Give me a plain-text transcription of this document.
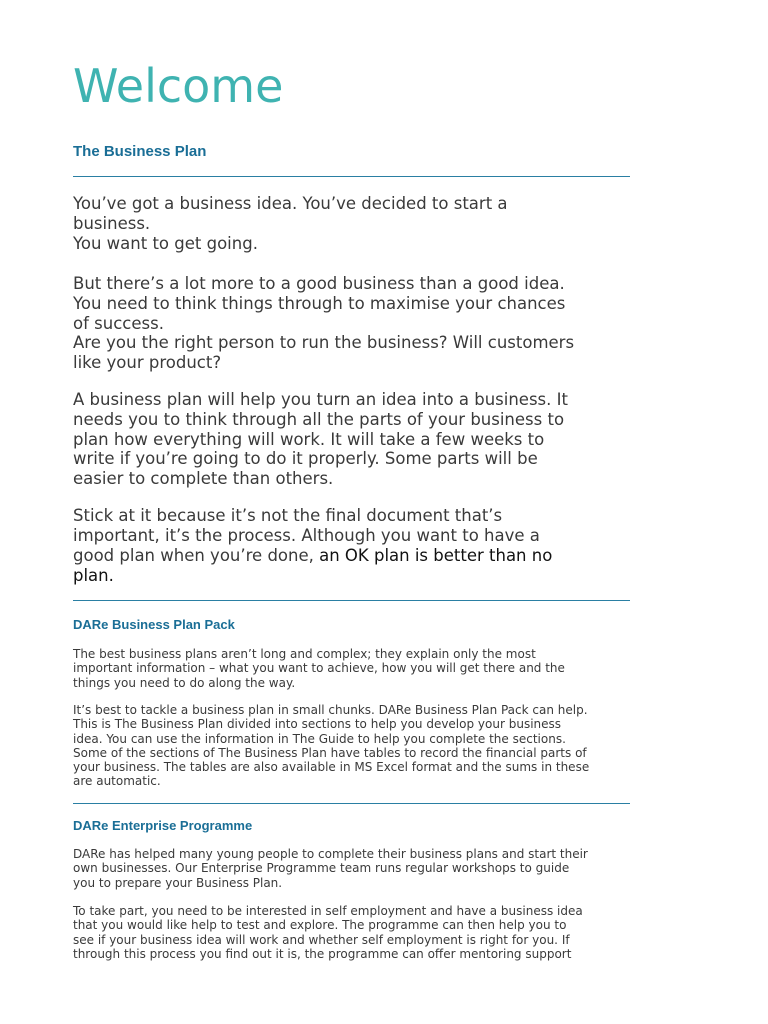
Welcome
The Business Plan

You’ve got a business idea. You’ve decided to start a
business.
You want to get going.

But there’s a lot more to a good business than a good idea.
You need to think things through to maximise your chances
of success.
Are you the right person to run the business? Will customers
like your product?

A business plan will help you turn an idea into a business. It
needs you to think through all the parts of your business to
plan how everything will work. It will take a few weeks to
write if you’re going to do it properly. Some parts will be
easier to complete than others.

Stick at it because it’s not the final document that’s
important, it’s the process. Although you want to have a
good plan when you’re done, an OK plan is better than no
plan.

DARe Business Plan Pack

The best business plans aren’t long and complex; they explain only the most
important information – what you want to achieve, how you will get there and the
things you need to do along the way.

It’s best to tackle a business plan in small chunks. DARe Business Plan Pack can help.
This is The Business Plan divided into sections to help you develop your business
idea. You can use the information in The Guide to help you complete the sections.
Some of the sections of The Business Plan have tables to record the financial parts of
your business. The tables are also available in MS Excel format and the sums in these
are automatic.

DARe Enterprise Programme

DARe has helped many young people to complete their business plans and start their
own businesses. Our Enterprise Programme team runs regular workshops to guide
you to prepare your Business Plan.

To take part, you need to be interested in self employment and have a business idea
that you would like help to test and explore. The programme can then help you to
see if your business idea will work and whether self employment is right for you. If
through this process you find out it is, the programme can offer mentoring support
